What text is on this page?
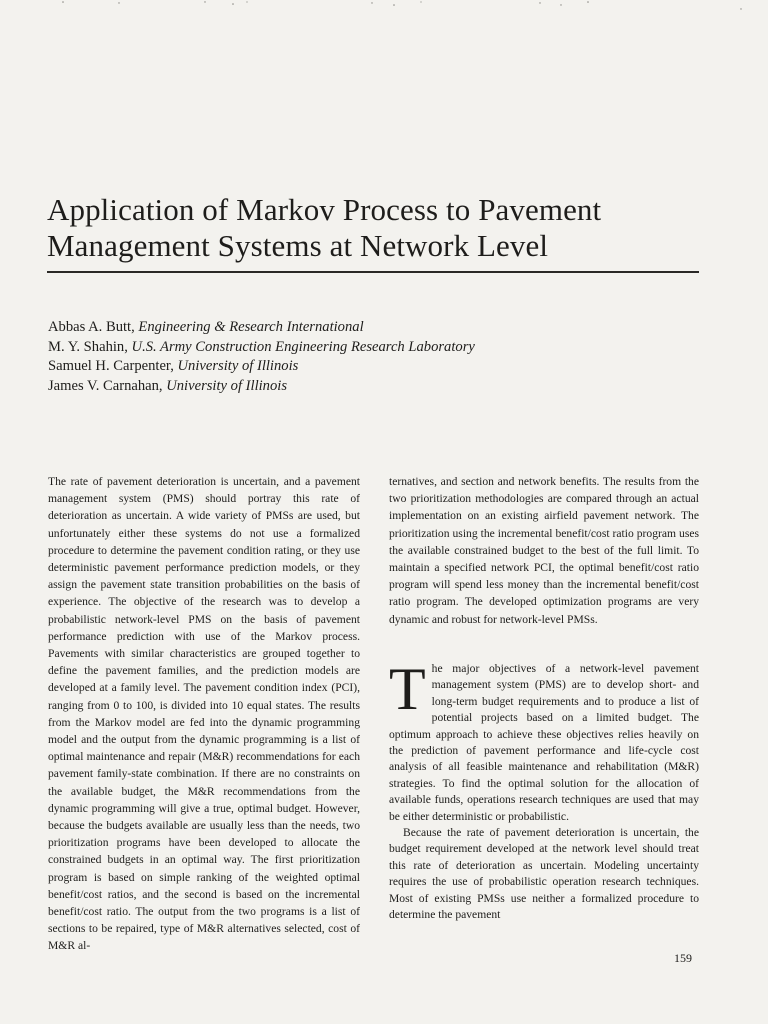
Application of Markov Process to Pavement
Management Systems at Network Level
Abbas A. Butt, Engineering & Research International
M. Y. Shahin, U.S. Army Construction Engineering Research Laboratory
Samuel H. Carpenter, University of Illinois
James V. Carnahan, University of Illinois
The rate of pavement deterioration is uncertain, and a pavement management system (PMS) should portray this rate of deterioration as uncertain. A wide variety of PMSs are used, but unfortunately either these systems do not use a formalized procedure to determine the pavement condition rating, or they use deterministic pavement performance prediction models, or they assign the pavement state transition probabilities on the basis of experience. The objective of the research was to develop a probabilistic network-level PMS on the basis of pavement performance prediction with use of the Markov process. Pavements with similar characteristics are grouped together to define the pavement families, and the prediction models are developed at a family level. The pavement condition index (PCI), ranging from 0 to 100, is divided into 10 equal states. The results from the Markov model are fed into the dynamic programming model and the output from the dynamic programming is a list of optimal maintenance and repair (M&R) recommendations for each pavement family-state combination. If there are no constraints on the available budget, the M&R recommendations from the dynamic programming will give a true, optimal budget. However, because the budgets available are usually less than the needs, two prioritization programs have been developed to allocate the constrained budgets in an optimal way. The first prioritization program is based on simple ranking of the weighted optimal benefit/cost ratios, and the second is based on the incremental benefit/cost ratio. The output from the two programs is a list of sections to be repaired, type of M&R alternatives selected, cost of M&R al-

ternatives, and section and network benefits. The results from the two prioritization methodologies are compared through an actual implementation on an existing airfield pavement network. The prioritization using the incremental benefit/cost ratio program uses the available constrained budget to the best of the full limit. To maintain a specified network PCI, the optimal benefit/cost ratio program will spend less money than the incremental benefit/cost ratio program. The developed optimization programs are very dynamic and robust for network-level PMSs.

The major objectives of a network-level pavement management system (PMS) are to develop short- and long-term budget requirements and to produce a list of potential projects based on a limited budget. The optimum approach to achieve these objectives relies heavily on the prediction of pavement performance and life-cycle cost analysis of all feasible maintenance and rehabilitation (M&R) strategies. To find the optimal solution for the allocation of available funds, operations research techniques are used that may be either deterministic or probabilistic.

Because the rate of pavement deterioration is uncertain, the budget requirement developed at the network level should treat this rate of deterioration as uncertain. Modeling uncertainty requires the use of probabilistic operation research techniques. Most of existing PMSs use neither a formalized procedure to determine the pavement

159
